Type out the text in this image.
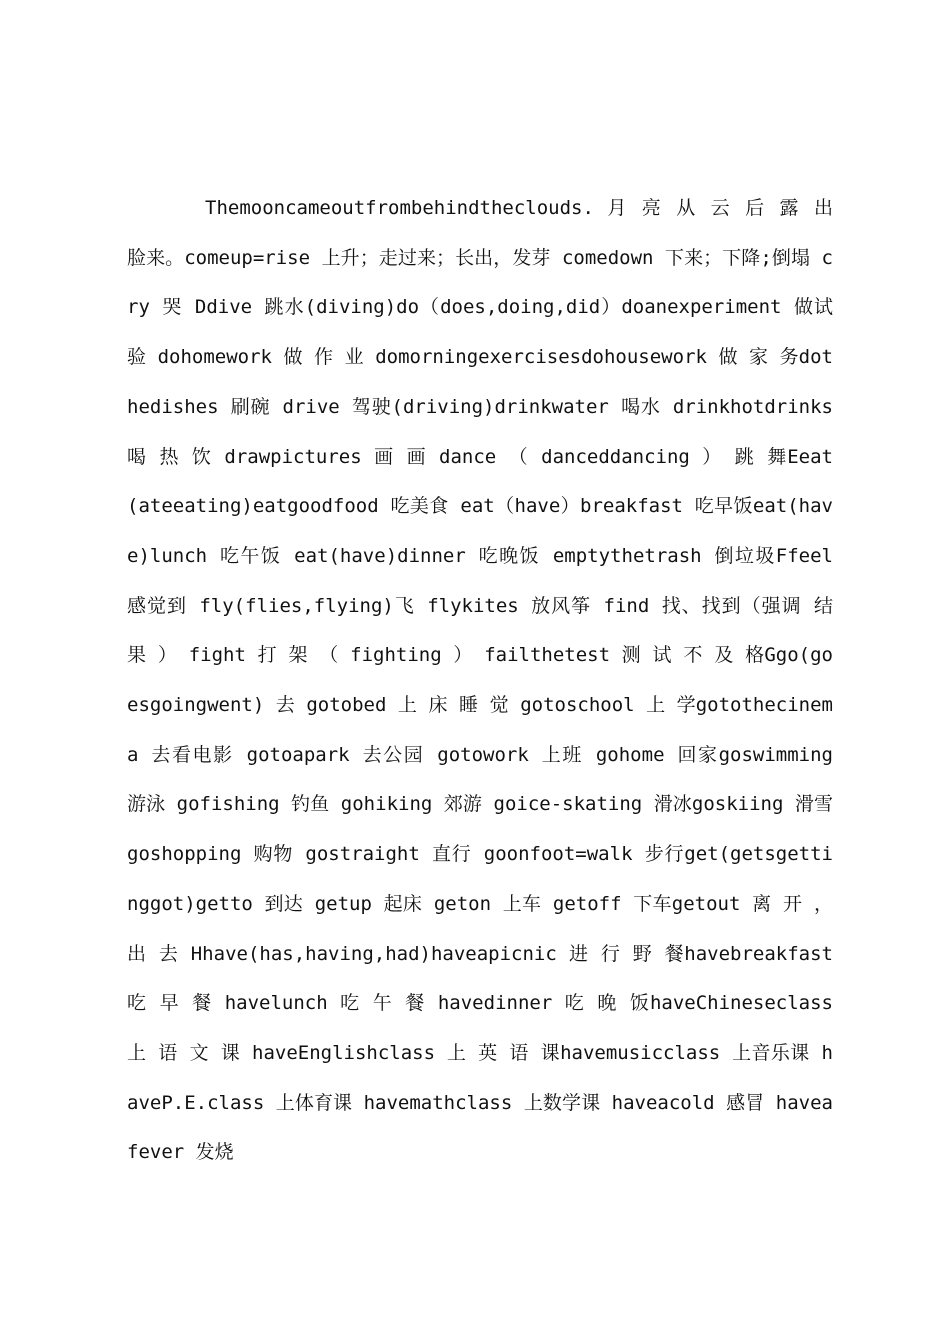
Themooncameoutfrombehindtheclouds. 月 亮 从 云 后 露 出 脸来。comeup=rise 上升；走过来；长出，发芽 comedown 下来；下降;倒塌 cry 哭 Ddive 跳水(diving)do（does,doing,did）doanexperiment 做试验 dohomework 做 作 业 domorningexercisesdohousework 做 家 务dothedishes 刷碗 drive 驾驶(driving)drinkwater 喝水 drinkhotdrinks喝 热 饮 drawpictures 画 画 dance （ danceddancing ） 跳 舞Eeat(ateeating)eatgoodfood 吃美食 eat（have）breakfast 吃早饭eat(have)lunch 吃午饭 eat(have)dinner 吃晚饭 emptythetrash 倒垃圾Ffeel 感觉到 fly(flies,flying)飞 flykites 放风筝 find 找、找到（强调 结 果 ） fight 打 架 （ fighting ） failthetest 测 试 不 及 格Ggo(goesgoingwent) 去 gotobed 上 床 睡 觉 gotoschool 上 学gotothecinema 去看电影 gotoapark 去公园 gotowork 上班 gohome 回家goswimming 游泳 gofishing 钓鱼 gohiking 郊游 goice-skating 滑冰goskiing 滑雪 goshopping 购物 gostraight 直行 goonfoot=walk 步行get(getsgettinggot)getto 到达 getup 起床 geton 上车 getoff 下车getout 离 开 ， 出 去 Hhave(has,having,had)haveapicnic 进 行 野 餐havebreakfast 吃 早 餐 havelunch 吃 午 餐 havedinner 吃 晚 饭haveChineseclass 上 语 文 课 haveEnglishclass 上 英 语 课havemusicclass 上音乐课 haveP.E.class 上体育课 havemathclass 上数学课 haveacold 感冒 haveafever 发烧
